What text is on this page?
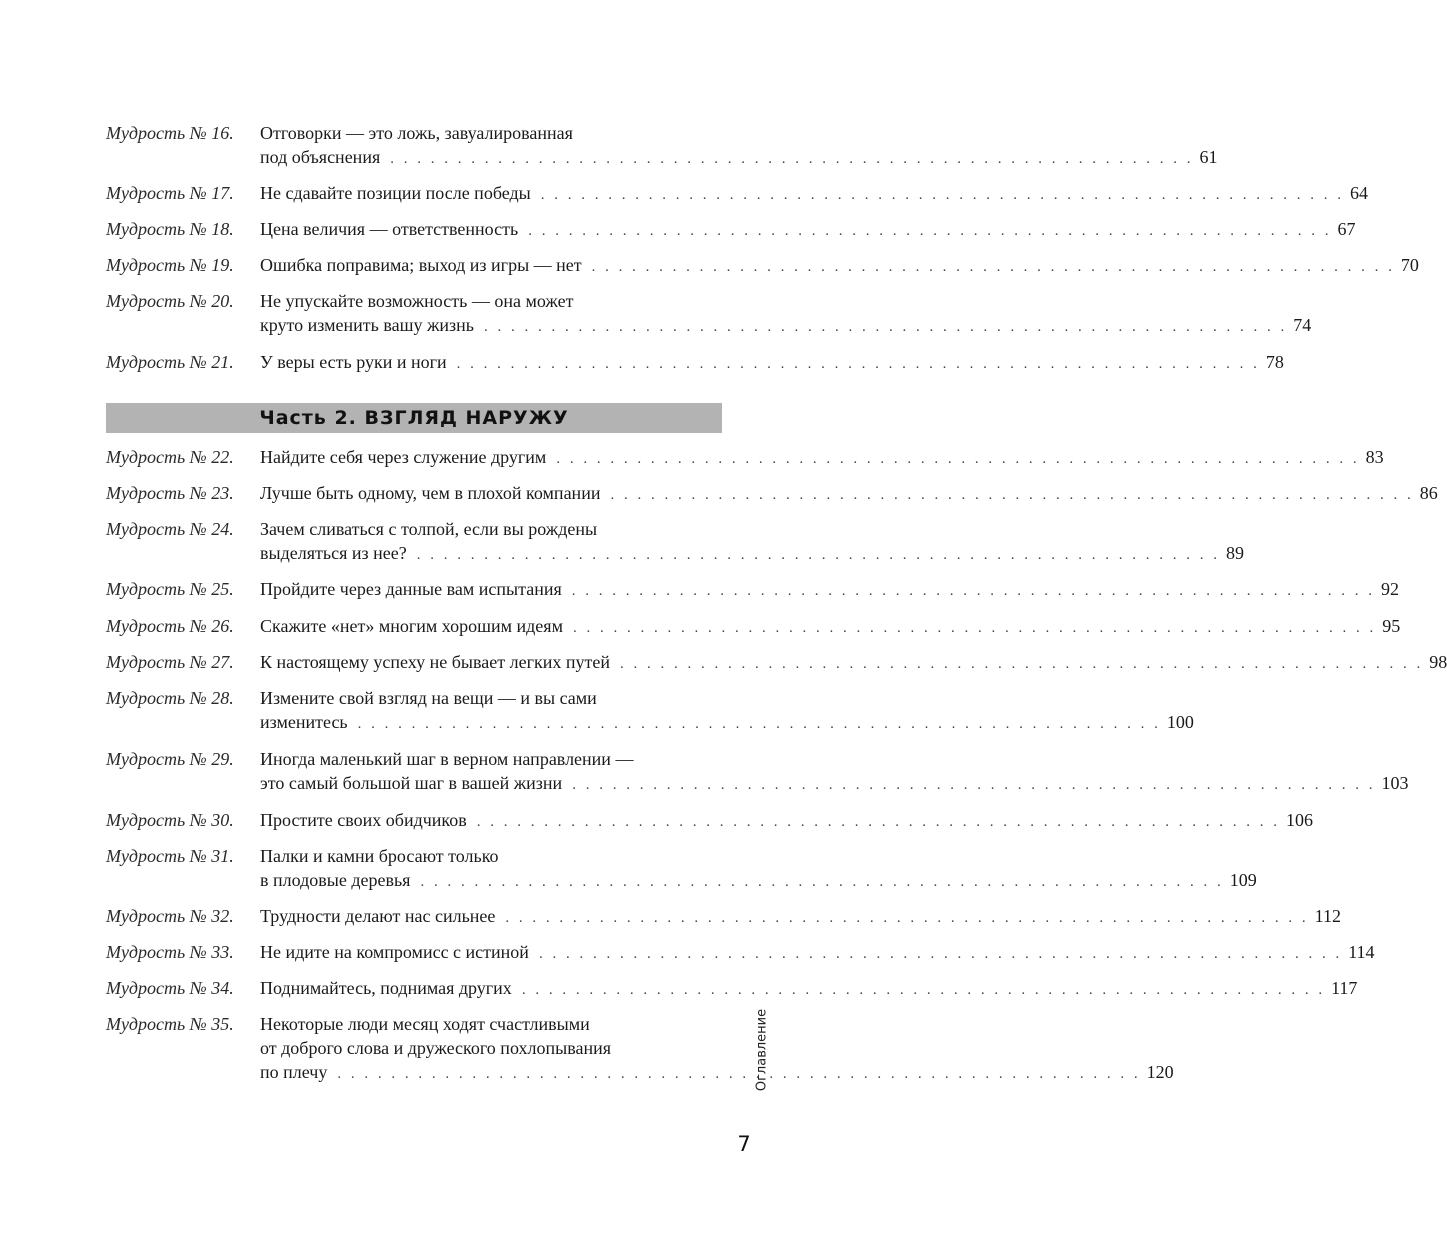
Мудрость № 16.	Отговорки — это ложь, завуалированная
под объяснения . . . . . . . . . . . . . . . . . . . . . . . . . . . . . . . . . . . . . . . . . . . . . . . . . . . . . . . . . . . . 61
Мудрость № 17.	Не сдавайте позиции после победы . . . . . . . . . . . . . . . . . . . . . . . . . . . . . . . . . . . . . . . . . . . . . . . . . . . . . . . . . . . . 64
Мудрость № 18.	Цена величия — ответственность . . . . . . . . . . . . . . . . . . . . . . . . . . . . . . . . . . . . . . . . . . . . . . . . . . . . . . . . . . . . 67
Мудрость № 19.	Ошибка поправима; выход из игры — нет . . . . . . . . . . . . . . . . . . . . . . . . . . . . . . . . . . . . . . . . . . . . . . . . . . . . . . . . . . . . 70
Мудрость № 20.	Не упускайте возможность — она может
круто изменить вашу жизнь . . . . . . . . . . . . . . . . . . . . . . . . . . . . . . . . . . . . . . . . . . . . . . . . . . . . . . . . . . . . 74
Мудрость № 21.	У веры есть руки и ноги . . . . . . . . . . . . . . . . . . . . . . . . . . . . . . . . . . . . . . . . . . . . . . . . . . . . . . . . . . . . 78
Часть 2. ВЗГЛЯД НАРУЖУ
Мудрость № 22.	Найдите себя через служение другим . . . . . . . . . . . . . . . . . . . . . . . . . . . . . . . . . . . . . . . . . . . . . . . . . . . . . . . . . . . . 83
Мудрость № 23.	Лучше быть одному, чем в плохой компании . . . . . . . . . . . . . . . . . . . . . . . . . . . . . . . . . . . . . . . . . . . . . . . . . . . . . . . . . . . . 86
Мудрость № 24.	Зачем сливаться с толпой, если вы рождены
выделяться из нее? . . . . . . . . . . . . . . . . . . . . . . . . . . . . . . . . . . . . . . . . . . . . . . . . . . . . . . . . . . . . 89
Мудрость № 25.	Пройдите через данные вам испытания . . . . . . . . . . . . . . . . . . . . . . . . . . . . . . . . . . . . . . . . . . . . . . . . . . . . . . . . . . . . 92
Мудрость № 26.	Скажите «нет» многим хорошим идеям . . . . . . . . . . . . . . . . . . . . . . . . . . . . . . . . . . . . . . . . . . . . . . . . . . . . . . . . . . . . 95
Мудрость № 27.	К настоящему успеху не бывает легких путей . . . . . . . . . . . . . . . . . . . . . . . . . . . . . . . . . . . . . . . . . . . . . . . . . . . . . . . . . . . . 98
Мудрость № 28.	Измените свой взгляд на вещи — и вы сами
изменитесь . . . . . . . . . . . . . . . . . . . . . . . . . . . . . . . . . . . . . . . . . . . . . . . . . . . . . . . . . . . . 100
Мудрость № 29.	Иногда маленький шаг в верном направлении —
это самый большой шаг в вашей жизни . . . . . . . . . . . . . . . . . . . . . . . . . . . . . . . . . . . . . . . . . . . . . . . . . . . . . . . . . . . . 103
Мудрость № 30.	Простите своих обидчиков . . . . . . . . . . . . . . . . . . . . . . . . . . . . . . . . . . . . . . . . . . . . . . . . . . . . . . . . . . . . 106
Мудрость № 31.	Палки и камни бросают только
в плодовые деревья . . . . . . . . . . . . . . . . . . . . . . . . . . . . . . . . . . . . . . . . . . . . . . . . . . . . . . . . . . . . 109
Мудрость № 32.	Трудности делают нас сильнее . . . . . . . . . . . . . . . . . . . . . . . . . . . . . . . . . . . . . . . . . . . . . . . . . . . . . . . . . . . . 112
Мудрость № 33.	Не идите на компромисс с истиной . . . . . . . . . . . . . . . . . . . . . . . . . . . . . . . . . . . . . . . . . . . . . . . . . . . . . . . . . . . . 114
Мудрость № 34.	Поднимайтесь, поднимая других . . . . . . . . . . . . . . . . . . . . . . . . . . . . . . . . . . . . . . . . . . . . . . . . . . . . . . . . . . . . 117
Мудрость № 35.	Некоторые люди месяц ходят счастливыми
от доброго слова и дружеского похлопывания
по плечу . . . . . . . . . . . . . . . . . . . . . . . . . . . . . . . . . . . . . . . . . . . . . . . . . . . . . . . . . . . . 120
Оглавление
7
